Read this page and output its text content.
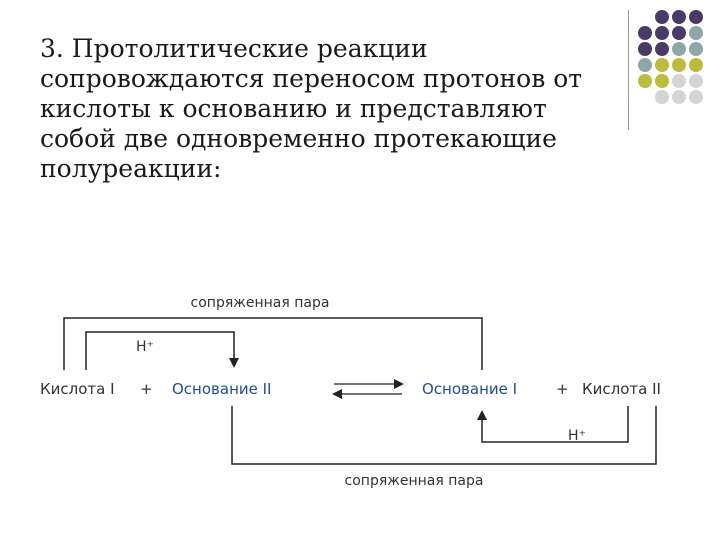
3. Протолитические реакции
сопровождаются переносом протонов от
кислоты к основанию и представляют
собой две одновременно протекающие
полуреакции:
сопряженная пара
H⁺
Кислота I + Основание II	Основание I	+ Кислота II
H⁺
сопряженная пара
